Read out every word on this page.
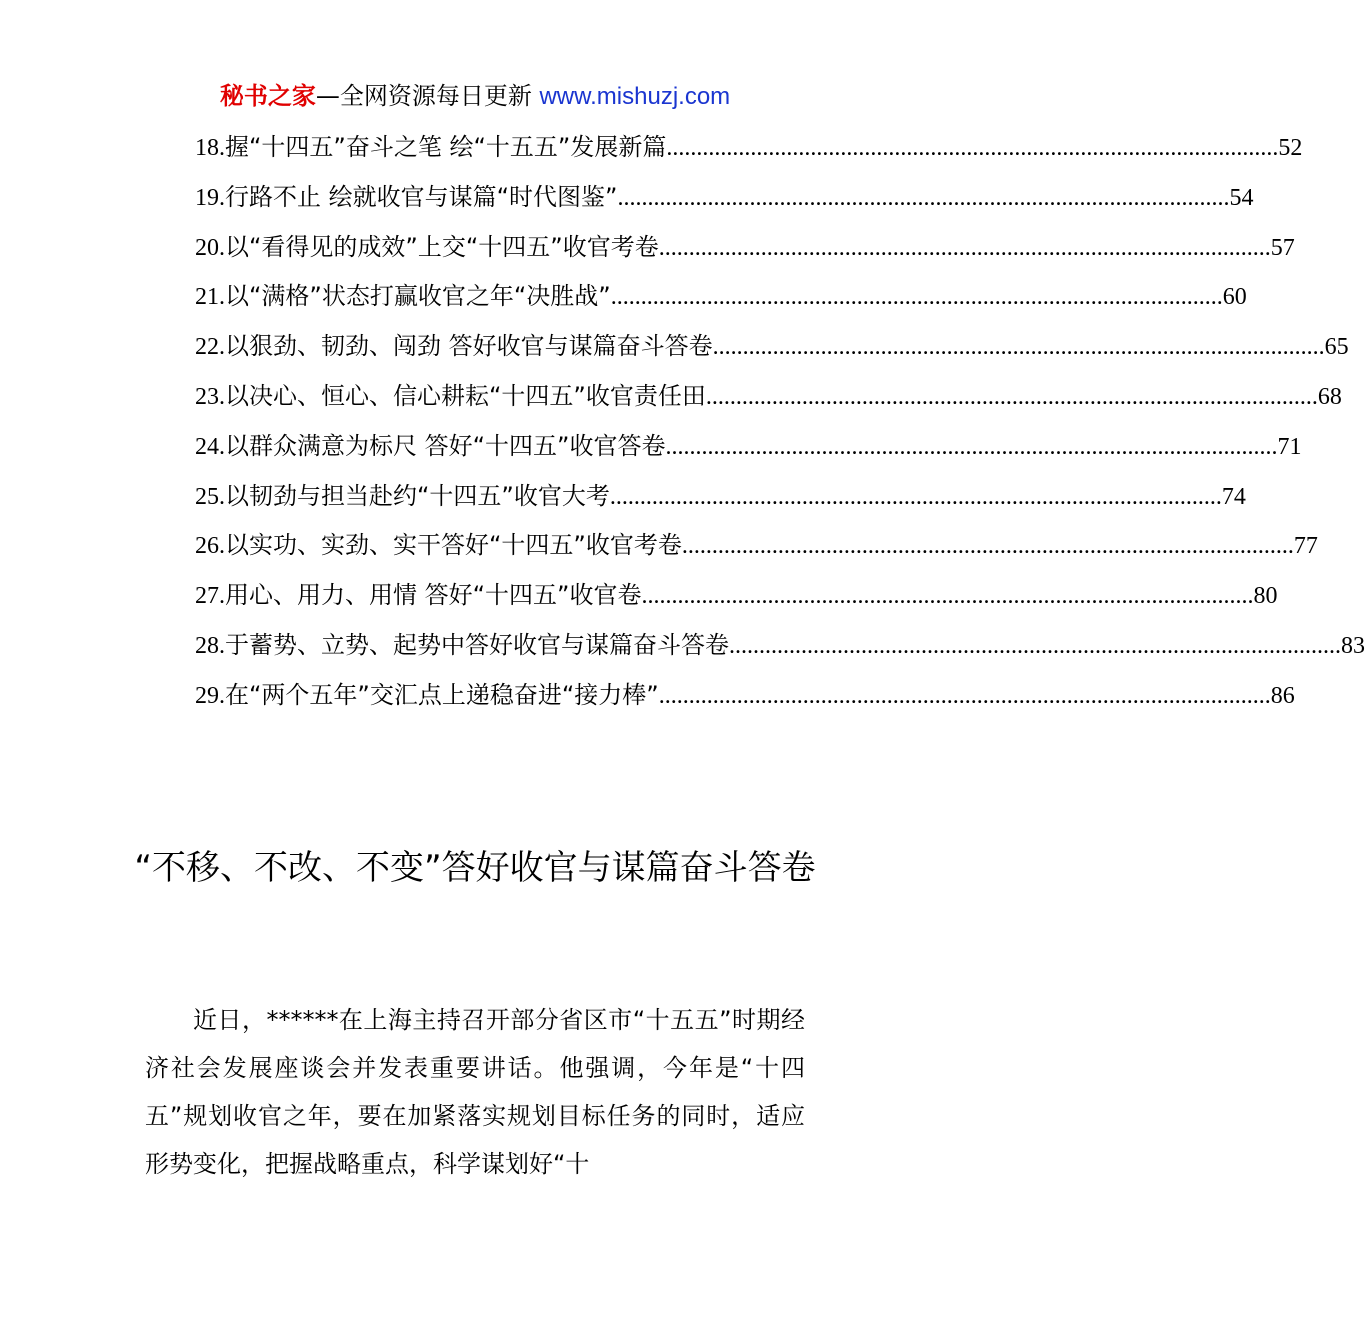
秘书之家—全网资源每日更新 www.mishuzj.com
18. 握“十四五”奋斗之笔 绘“十五五”发展新篇 .....	52
19. 行路不止 绘就收官与谋篇“时代图鉴” .....	54
20. 以“看得见的成效”上交“十四五”收官考卷 .....	57
21. 以“满格”状态打赢收官之年“决胜战” .....	60
22. 以狠劲、韧劲、闯劲 答好收官与谋篇奋斗答卷 .....	65
23. 以决心、恒心、信心耕耘“十四五”收官责任田 .....	68
24. 以群众满意为标尺 答好“十四五”收官答卷 .....	71
25. 以韧劲与担当赴约“十四五”收官大考 .....	74
26. 以实功、实劲、实干答好“十四五”收官考卷 .....	77
27. 用心、用力、用情 答好“十四五”收官卷 .....	80
28. 于蓄势、立势、起势中答好收官与谋篇奋斗答卷 .....	83
29. 在“两个五年”交汇点上递稳奋进“接力棒” .....	86
“不移、不改、不变”答好收官与谋篇奋斗答卷

近日，******在上海主持召开部分省区市“十五五”时期经济社会发展座谈会并发表重要讲话。他强调，今年是“十四五”规划收官之年，要在加紧落实规划目标任务的同时，适应形势变化，把握战略重点，科学谋划好“十
